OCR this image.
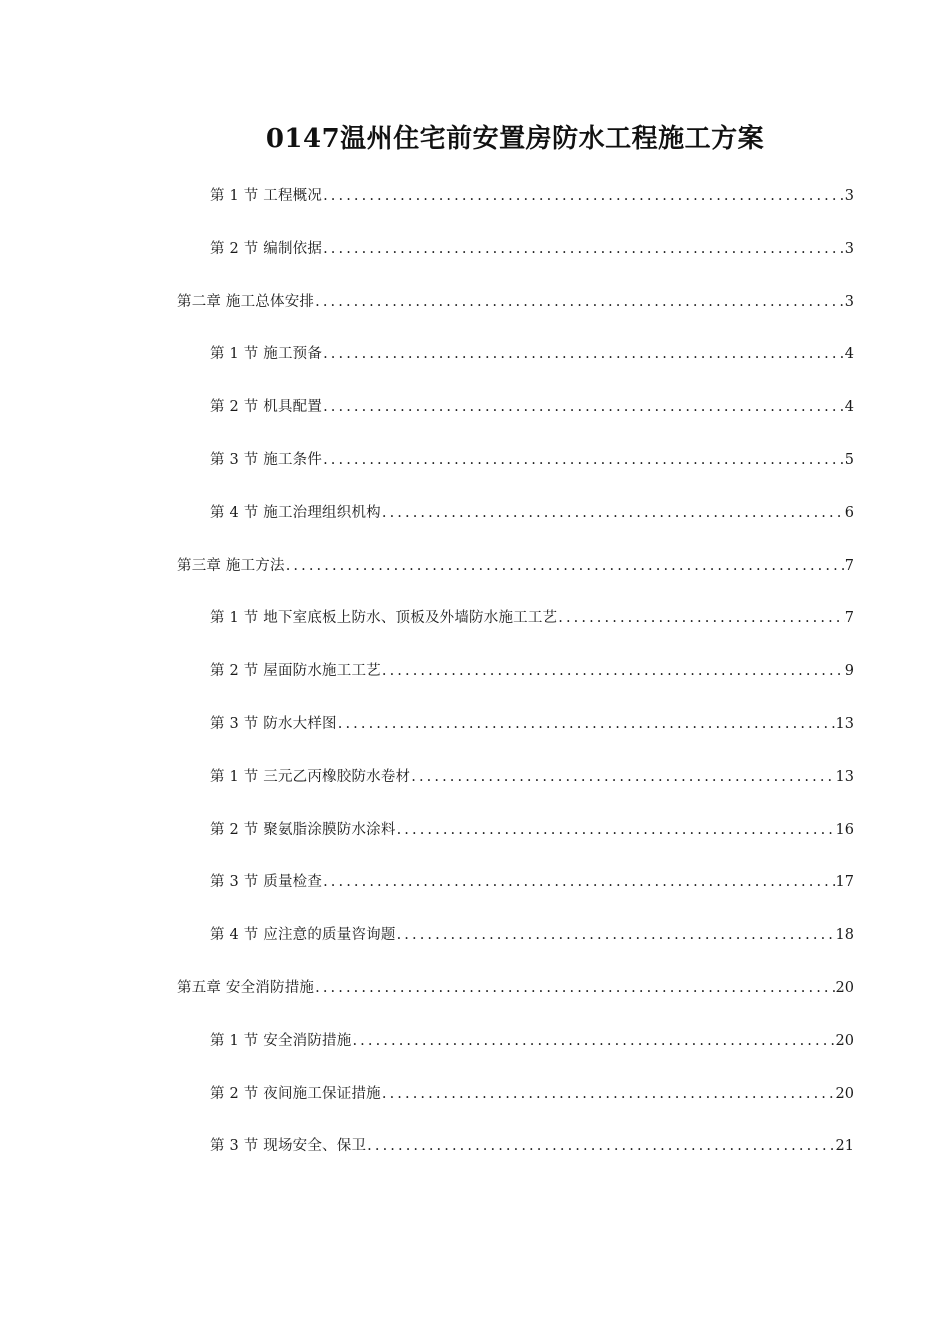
0147温州住宅前安置房防水工程施工方案
第 1 节 工程概况 .....	3
第 2 节 编制依据 .....	3
第二章 施工总体安排 .....	3
第 1 节 施工预备 .....	4
第 2 节 机具配置 .....	4
第 3 节 施工条件 .....	5
第 4 节 施工治理组织机构 .....	6
第三章 施工方法 .....	7
第 1 节 地下室底板上防水、顶板及外墙防水施工工艺 .....	7
第 2 节 屋面防水施工工艺 .....	9
第 3 节 防水大样图 .....	13
第 1 节 三元乙丙橡胶防水卷材 .....	13
第 2 节 聚氨脂涂膜防水涂料 .....	16
第 3 节 质量检查 .....	17
第 4 节 应注意的质量咨询题 .....	18
第五章 安全消防措施 .....	20
第 1 节 安全消防措施 .....	20
第 2 节 夜间施工保证措施 .....	20
第 3 节 现场安全、保卫 .....	21
